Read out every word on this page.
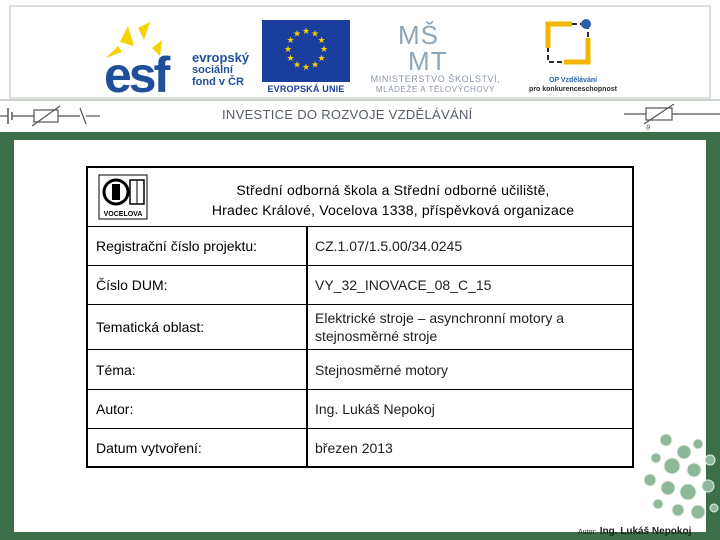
esf evropský
sociální
fond v ČR
★ ★
★
★
★
★
★
★
★
★
★
★
EVROPSKÁ UNIE
MŠ
MT
MINISTERSTVO ŠKOLSTVÍ,
MLÁDEŽE A TĚLOVÝCHOVY
OP Vzdělávání
pro konkurenceschopnost
INVESTICE DO ROZVOJE VZDĚLÁVÁNÍ
ϑ
Autor: Ing. Lukáš Nepokoj
VOCELOVA
Střední odborná škola a Střední odborné učiliště,
Hradec Králové, Vocelova 1338, příspěvková organizace
Registrační číslo projektu:	CZ.1.07/1.5.00/34.0245
Číslo DUM:	VY_32_INOVACE_08_C_15
Tematická oblast:
Elektrické stroje – asynchronní motory a stejnosměrné stroje
Téma:	Stejnosměrné motory
Autor:	Ing. Lukáš Nepokoj
Datum vytvoření:	březen 2013
